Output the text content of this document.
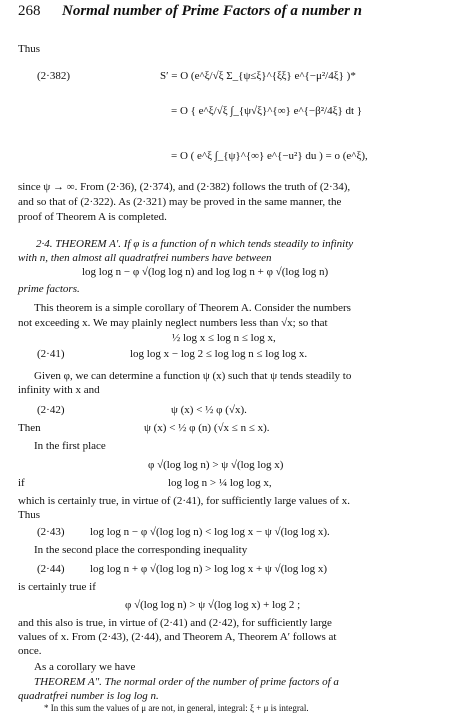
268 Normal number of Prime Factors of a number n
Thus
(2·382)	S′ = O (e^ξ/√ξ Σ_{ψ≤ξ}^{ξξ} e^{−μ²/4ξ} )*
= O { e^ξ/√ξ ∫_{ψ√ξ}^{∞} e^{−β²/4ξ} dt }
= O ( e^ξ ∫_{ψ}^{∞} e^{−u²} du ) = o (e^ξ),
since ψ → ∞. From (2·36), (2·374), and (2·382) follows the truth of (2·34),
and so that of (2·322). As (2·321) may be proved in the same manner, the
proof of Theorem A is completed.
2·4. THEOREM A′. If φ is a function of n which tends steadily to infinity
with n, then almost all quadratfrei numbers have between
log log n − φ √(log log n) and log log n + φ √(log log n)
prime factors.
This theorem is a simple corollary of Theorem A. Consider the numbers
not exceeding x. We may plainly neglect numbers less than √x; so that
½ log x ≤ log n ≤ log x,
(2·41)	log log x − log 2 ≤ log log n ≤ log log x.
Given φ, we can determine a function ψ (x) such that ψ tends steadily to
infinity with x and
(2·42)	ψ (x) < ½ φ (√x).
Then	ψ (x) < ½ φ (n) (√x ≤ n ≤ x).
In the first place
φ √(log log n) > ψ √(log log x)
if	log log n > ¼ log log x,
which is certainly true, in virtue of (2·41), for sufficiently large values of x.
Thus
(2·43) log log n − φ √(log log n) < log log x − ψ √(log log x).
In the second place the corresponding inequality
(2·44) log log n + φ √(log log n) > log log x + ψ √(log log x)
is certainly true if
φ √(log log n) > ψ √(log log x) + log 2 ;
and this also is true, in virtue of (2·41) and (2·42), for sufficiently large
values of x. From (2·43), (2·44), and Theorem A, Theorem A′ follows at
once.
As a corollary we have
THEOREM A″. The normal order of the number of prime factors of a
quadratfrei number is log log n.
* In this sum the values of μ are not, in general, integral: ξ + μ is integral.
